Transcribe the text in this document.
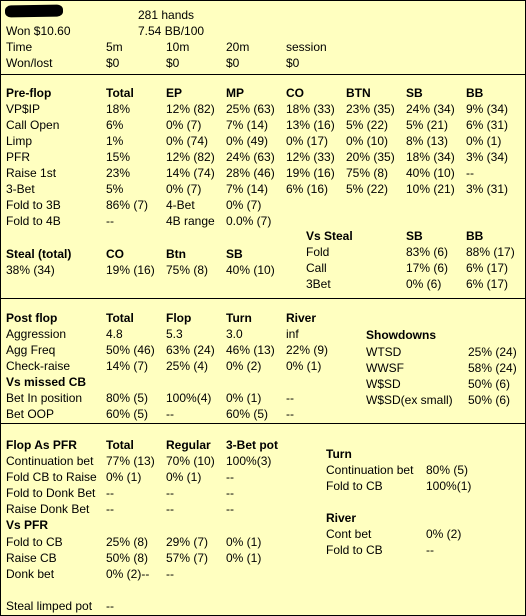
281 hands
Won $10.60	7.54 BB/100
Time	5m	10m	20m	session
Won/lost	$0	$0	$0	$0
Pre-flop	Total	EP	MP	CO	BTN	SB	BB
VP$IP	18%	12% (82) 25% (63) 18% (33) 23% (35) 24% (34) 9% (34)
Call Open	6%	0% (7) 7% (14) 13% (16) 5% (22) 5% (21) 6% (31)
Limp	1%	0% (74) 0% (49) 0% (17) 0% (10) 8% (13) 0% (1)
PFR	15%	12% (82) 24% (63) 12% (33) 20% (35) 18% (34) 3% (34)
Raise 1st	23%	14% (74) 28% (46) 19% (16) 75% (8) 40% (10) --
3-Bet	5%	0% (7) 7% (14) 6% (16) 5% (22) 10% (21) 3% (31)
Fold to 3B	86% (7) 4-Bet	0% (7)
Fold to 4B	--	4B range 0.0% (7)
Vs Steal	SB	BB
Fold	83% (6) 88% (17)
Call	17% (6) 6% (17)
3Bet	0% (6) 6% (17)
Steal (total)	CO	Btn	SB
38% (34)	19% (16) 75% (8) 40% (10)
Post flop	Total	Flop	Turn	River
Aggression	4.8	5.3	3.0	inf
Agg Freq	50% (46) 63% (24) 46% (13) 22% (9)
Check-raise	14% (7) 25% (4) 0% (2) 0% (1)
Vs missed CB
Bet In position 80% (5) 100%(4) 0% (1) --
Bet OOP	60% (5) --	60% (5) --
Showdowns
WTSD	25% (24)
WWSF	58% (24)
W$SD	50% (6)
W$SD(ex small) 50% (6)
Flop As PFR Total	Regular 3-Bet pot
Continuation bet 77% (13) 70% (10) 100%(3)
Fold CB to Raise 0% (1) 0% (1) --
Fold to Donk Bet --	--	--
Raise Donk Bet --	--	--
Vs PFR
Fold to CB	25% (8) 29% (7) 0% (1)
Raise CB	50% (8) 57% (7) 0% (1)
Donk bet	0% (2)-- --
Steal limped pot --
Turn
Continuation bet 80% (5)
Fold to CB	100%(1)
River
Cont bet	0% (2)
Fold to CB	--
